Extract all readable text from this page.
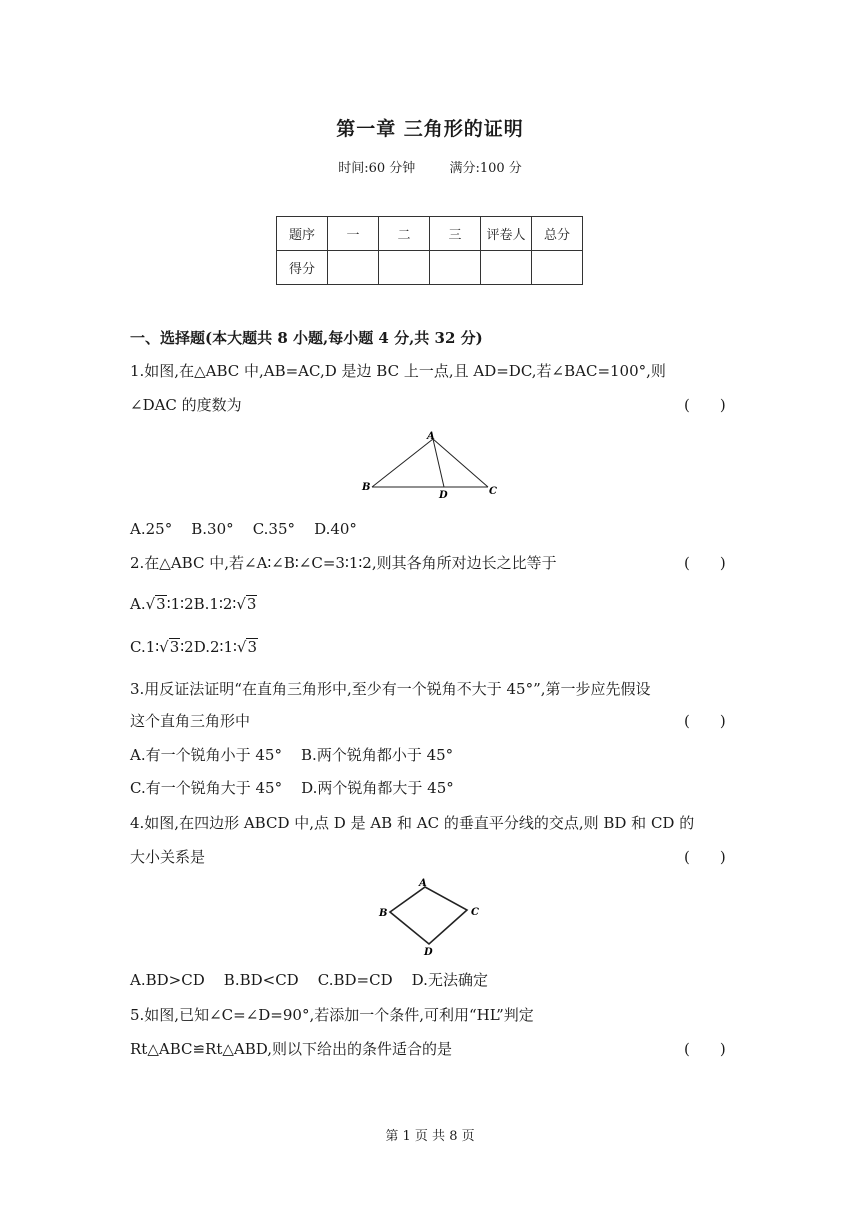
第一章 三角形的证明
时间:60 分钟	满分:100 分
题序	一	二	三	评卷人	总分
得分					
一、选择题(本大题共 8 小题,每小题 4 分,共 32 分)
1.如图,在△ABC 中,AB=AC,D 是边 BC 上一点,且 AD=DC,若∠BAC=100°,则
∠DAC 的度数为	( )
A
B	C
D
A.25°    B.30°    C.35°    D.40°
2.在△ABC 中,若∠A∶∠B∶∠C=3∶1∶2,则其各角所对边长之比等于	( )
A.√3∶1∶2B.1∶2∶√3
C.1∶√3∶2D.2∶1∶√3
3.用反证法证明“在直角三角形中,至少有一个锐角不大于 45°”,第一步应先假设
这个直角三角形中	( )
A.有一个锐角小于 45°    B.两个锐角都小于 45°
C.有一个锐角大于 45°    D.两个锐角都大于 45°
4.如图,在四边形 ABCD 中,点 D 是 AB 和 AC 的垂直平分线的交点,则 BD 和 CD 的
大小关系是	( )
A
B	C
D
A.BD>CD    B.BD<CD    C.BD=CD    D.无法确定
5.如图,已知∠C=∠D=90°,若添加一个条件,可利用“HL”判定
Rt△ABC≌Rt△ABD,则以下给出的条件适合的是	( )
第 1 页 共 8 页
